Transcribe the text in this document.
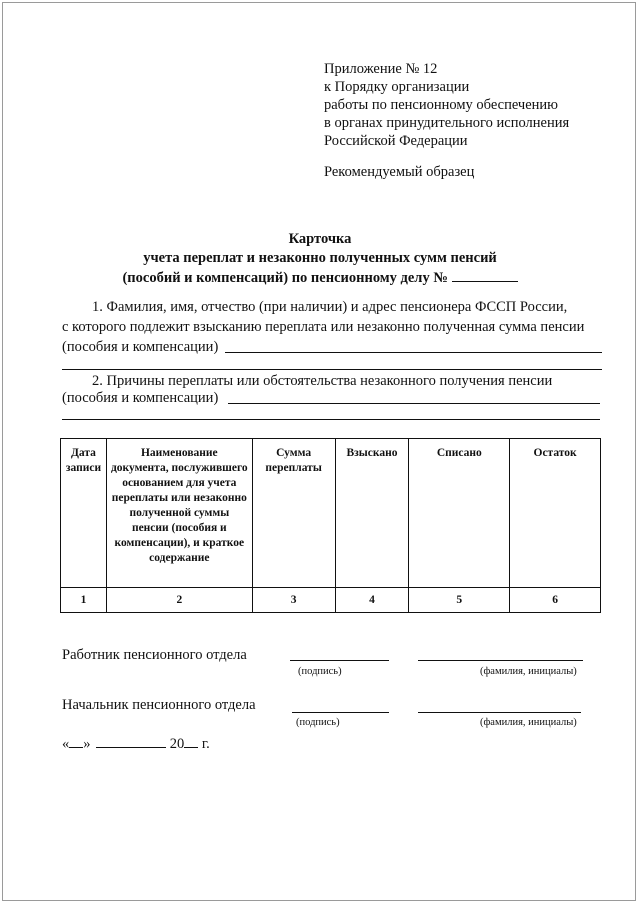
Приложение № 12
к Порядку организации
работы по пенсионному обеспечению
в органах принудительного исполнения
Российской Федерации
Рекомендуемый образец
Карточка
учета переплат и незаконно полученных сумм пенсий
(пособий и компенсаций) по пенсионному делу №
1. Фамилия, имя, отчество (при наличии) и адрес пенсионера ФССП России,
с которого подлежит взысканию переплата или незаконно полученная сумма пенсии
(пособия и компенсации)
2. Причины переплаты или обстоятельства незаконного получения пенсии
(пособия и компенсации)
Дата записи	Наименование документа, послужившего основанием для учета переплаты или незаконно полученной суммы пенсии (пособия и компенсации), и краткое содержание	Сумма переплаты	Взыскано	Списано	Остаток
1	2	3	4	5	6
Работник пенсионного отдела
(подпись)	(фамилия, инициалы)
Начальник пенсионного отдела
(подпись)	(фамилия, инициалы)
« »	20 г.
